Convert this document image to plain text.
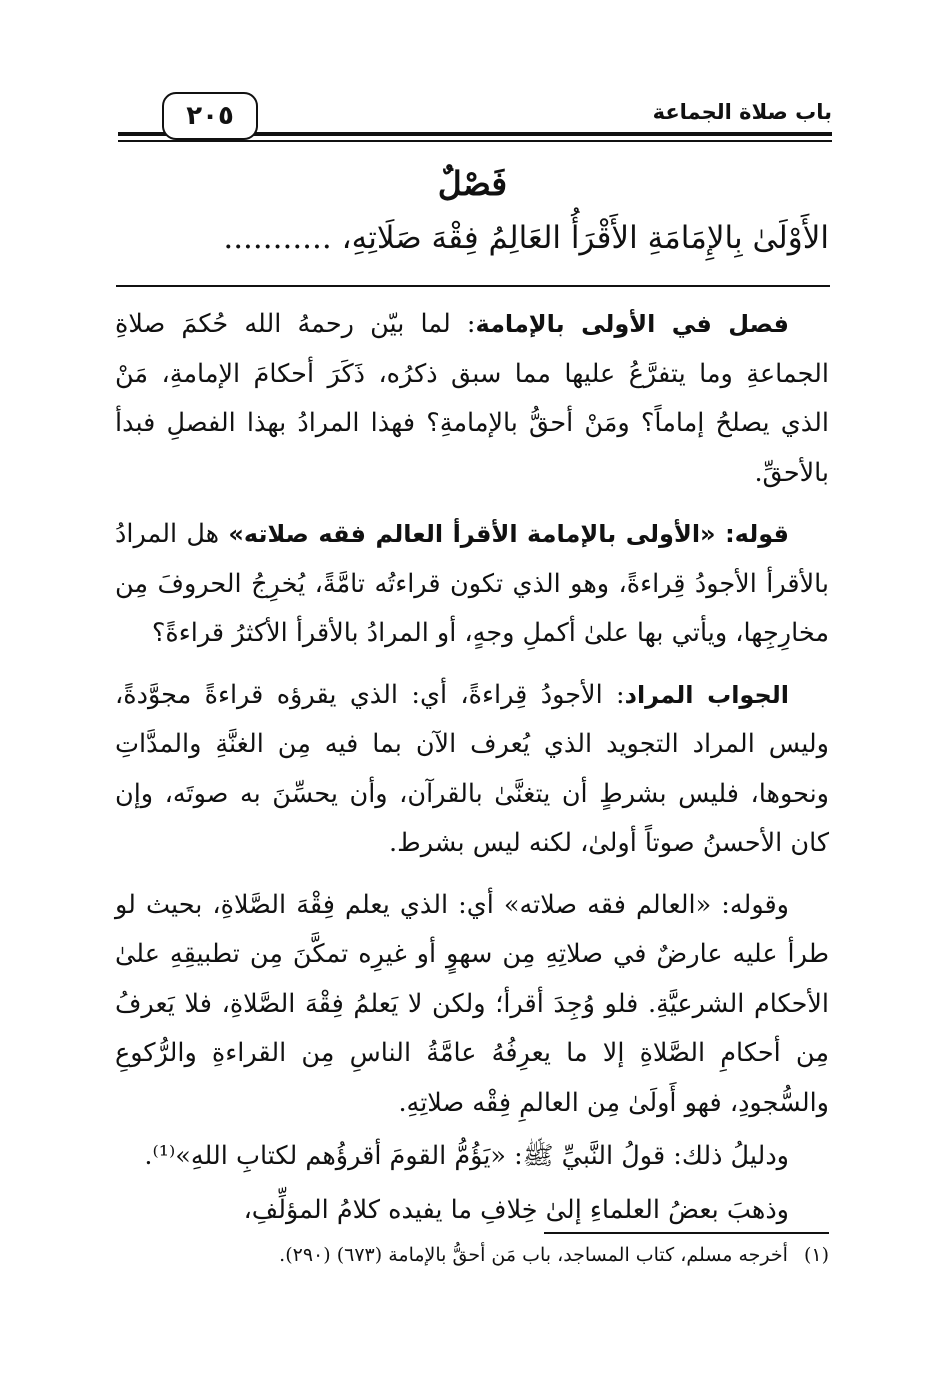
باب صلاة الجماعة
٢٠٥
فَصْلٌ
الأَوْلَىٰ بِالإِمَامَةِ الأَقْرَأُ العَالِمُ فِقْهَ صَلَاتِهِ، ...........

فصل في الأولى بالإمامة: لما بيّن رحمهُ الله حُكمَ صلاةِ الجماعةِ وما يتفرَّعُ عليها مما سبق ذكرُه، ذَكَرَ أحكامَ الإمامةِ، مَنْ الذي يصلحُ إماماً؟ ومَنْ أحقُّ بالإمامةِ؟ فهذا المرادُ بهذا الفصلِ فبدأ بالأحقِّ.

قوله: «الأولى بالإمامة الأقرأ العالم فقه صلاته» هل المرادُ بالأقرأ الأجودُ قِراءةً، وهو الذي تكون قراءتُه تامَّةً، يُخرِجُ الحروفَ مِن مخارِجِها، ويأتي بها علىٰ أكملِ وجهٍ، أو المرادُ بالأقرأ الأكثرُ قراءةً؟

الجواب المراد: الأجودُ قِراءةً، أي: الذي يقرؤه قراءةً مجوَّدةً، وليس المراد التجويد الذي يُعرف الآن بما فيه مِن الغنَّةِ والمدَّاتِ ونحوها، فليس بشرطٍ أن يتغنَّىٰ بالقرآن، وأن يحسِّنَ به صوتَه، وإن كان الأحسنُ صوتاً أولىٰ، لكنه ليس بشرط.

وقوله: «العالم فقه صلاته» أي: الذي يعلم فِقْهَ الصَّلاةِ، بحيث لو طرأ عليه عارضٌ في صلاتِهِ مِن سهوٍ أو غيرِه تمكَّنَ مِن تطبيقِهِ علىٰ الأحكام الشرعيَّةِ. فلو وُجِدَ أقرأ؛ ولكن لا يَعلمُ فِقْهَ الصَّلاةِ، فلا يَعرفُ مِن أحكامِ الصَّلاةِ إلا ما يعرِفُهُ عامَّةُ الناسِ مِن القراءةِ والرُّكوعِ والسُّجودِ، فهو أَولَىٰ مِن العالمِ فِقْه صلاتِهِ.

ودليلُ ذلك: قولُ النَّبيِّ ﷺ: «يَؤُمُّ القومَ أقرؤُهم لكتابِ اللهِ»⁽¹⁾.

وذهبَ بعضُ العلماءِ إلىٰ خِلافِ ما يفيده كلامُ المؤلِّفِ،

(١)أخرجه مسلم، كتاب المساجد، باب مَن أحقُّ بالإمامة (٦٧٣) (٢٩٠).
